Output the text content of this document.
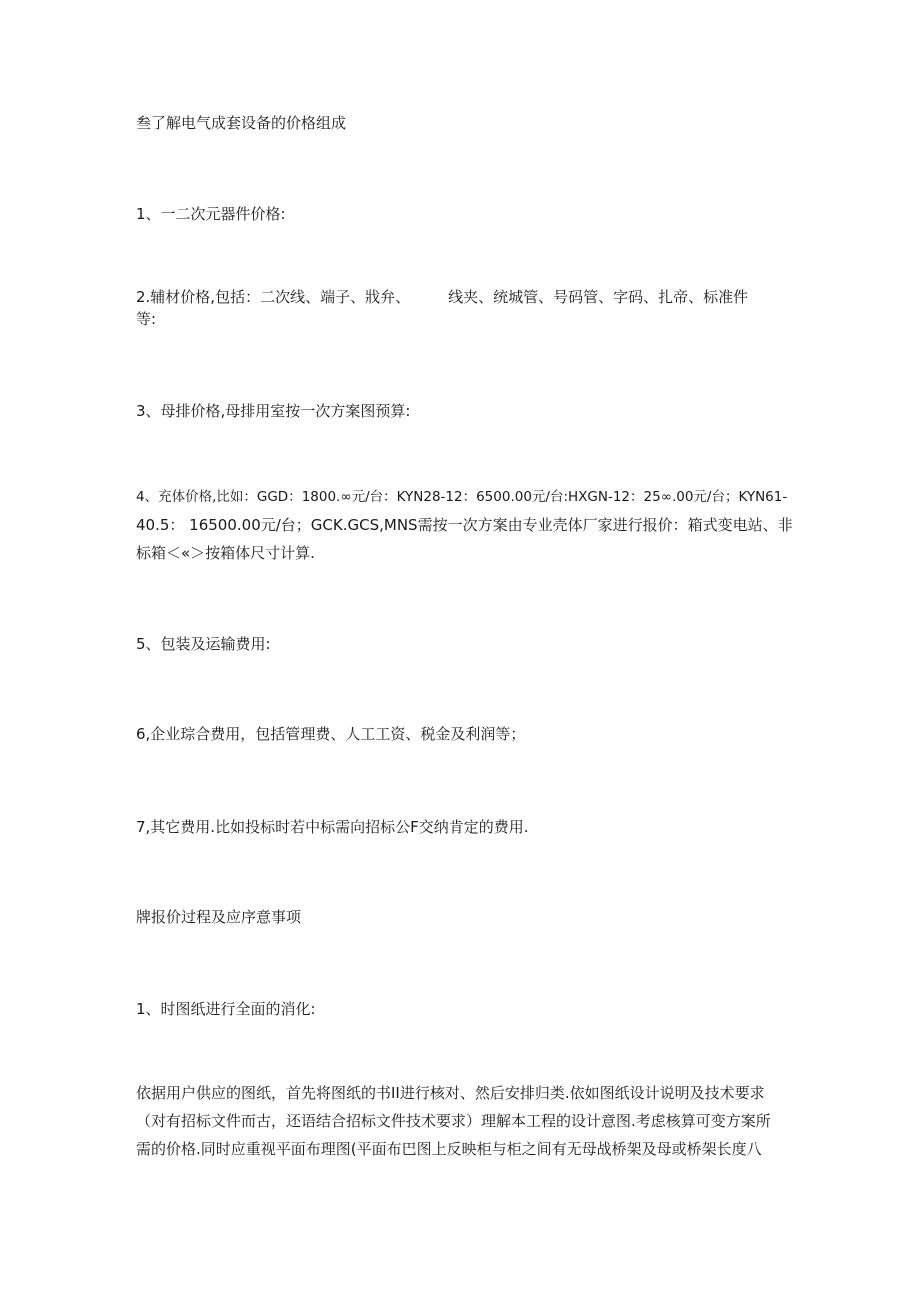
叁了解电气成套设备的价格组成
1、一二次元器件价格:
2.辅材价格,包括：二次线、端子、戕弁、	线夹、统城管、号码管、字码、扎帝、标准件
等:
3、母排价格,母排用室按一次方案图预算:
4、充体价格,比如：GGD：1800.∞元/台：KYN28-12：6500.00元/台:HXGN-12：25∞.00元/台；KYN61-
40.5： 16500.00元/台；GCK.GCS,MNS需按一次方案由专业壳体厂家进行报价：箱式变电站、非
标箱＜«＞按箱体尺寸计算.
5、包装及运输费用:
6,企业琮合费用，包括管理费、人工工资、税金及利润等；
7,其它费用.比如投标时若中标需向招标公F交纳肯定的费用.
牌报价过程及应序意事项
1、时图纸进行全面的消化:
依据用户供应的图纸，首先将图纸的书II进行核对、然后安排归类.依如图纸设计说明及技术要求
（对有招标文件而古，还语结合招标文件技术要求）理解本工程的设计意图.考虑核算可变方案所
需的价格.同时应重视平面布理图(平面布巴图上反映柜与柜之间有无母战桥架及母或桥架长度八
